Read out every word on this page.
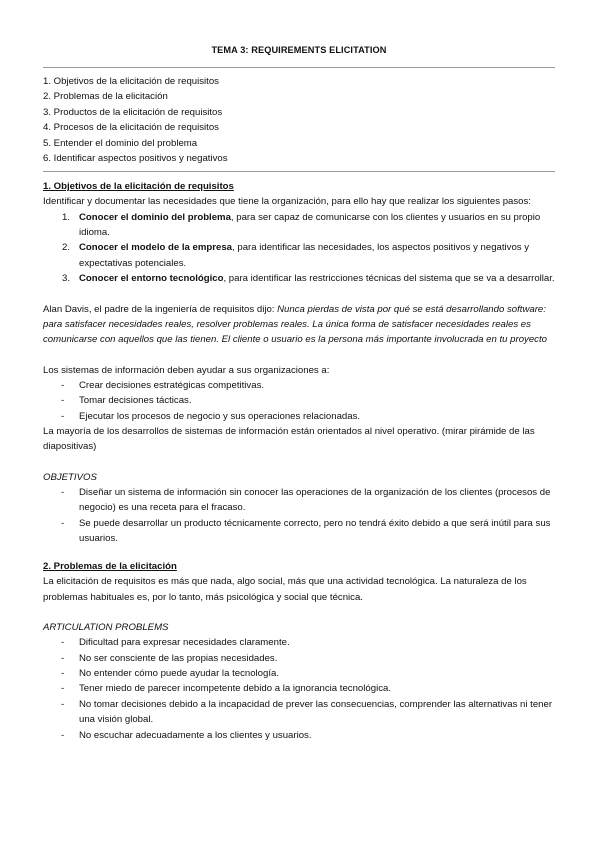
TEMA 3: REQUIREMENTS ELICITATION
1. Objetivos de la elicitación de requisitos
2. Problemas de la elicitación
3. Productos de la elicitación de requisitos
4. Procesos de la elicitación de requisitos
5. Entender el dominio del problema
6. Identificar aspectos positivos y negativos
1. Objetivos de la elicitación de requisitos

Identificar y documentar las necesidades que tiene la organización, para ello hay que realizar los siguientes pasos:

1. Conocer el dominio del problema, para ser capaz de comunicarse con los clientes y usuarios en su propio idioma.
2. Conocer el modelo de la empresa, para identificar las necesidades, los aspectos positivos y negativos y expectativas potenciales.
3. Conocer el entorno tecnológico, para identificar las restricciones técnicas del sistema que se va a desarrollar.

Alan Davis, el padre de la ingeniería de requisitos dijo: Nunca pierdas de vista por qué se está desarrollando software: para satisfacer necesidades reales, resolver problemas reales. La única forma de satisfacer necesidades reales es comunicarse con aquellos que las tienen. El cliente o usuario es la persona más importante involucrada en tu proyecto

Los sistemas de información deben ayudar a sus organizaciones a:

- Crear decisiones estratégicas competitivas.
- Tomar decisiones tácticas.
- Ejecutar los procesos de negocio y sus operaciones relacionadas.

La mayoría de los desarrollos de sistemas de información están orientados al nivel operativo. (mirar pirámide de las diapositivas)

OBJETIVOS
- Diseñar un sistema de información sin conocer las operaciones de la organización de los clientes (procesos de negocio) es una receta para el fracaso.
- Se puede desarrollar un producto técnicamente correcto, pero no tendrá éxito debido a que será inútil para sus usuarios.
2. Problemas de la elicitación

La elicitación de requisitos es más que nada, algo social, más que una actividad tecnológica. La naturaleza de los problemas habituales es, por lo tanto, más psicológica y social que técnica.

ARTICULATION PROBLEMS
- Dificultad para expresar necesidades claramente.
- No ser consciente de las propias necesidades.
- No entender cómo puede ayudar la tecnología.
- Tener miedo de parecer incompetente debido a la ignorancia tecnológica.
- No tomar decisiones debido a la incapacidad de prever las consecuencias, comprender las alternativas ni tener una visión global.
- No escuchar adecuadamente a los clientes y usuarios.
